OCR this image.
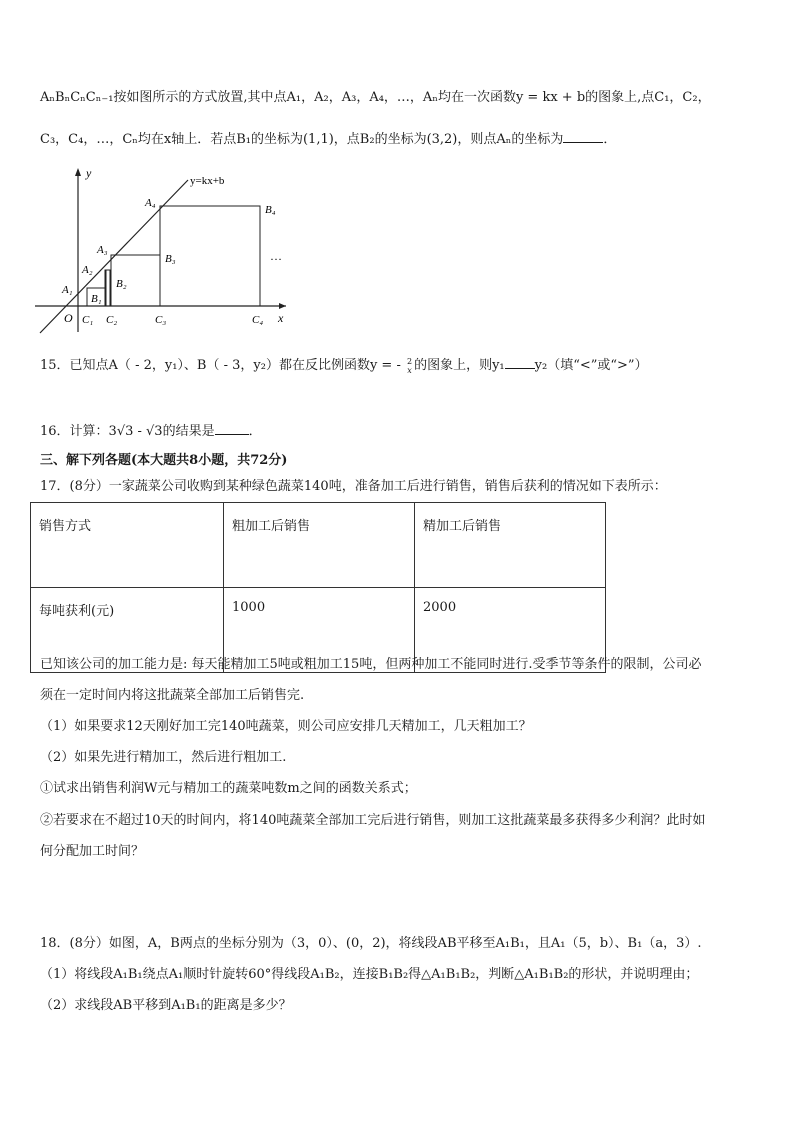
AₙBₙCₙCₙ₋₁按如图所示的方式放置,其中点A₁，A₂，A₃，A₄，…，Aₙ均在一次函数y = kx + b的图象上,点C₁，C₂，
C₃，C₄，…，Cₙ均在x轴上．若点B₁的坐标为(1,1)，点B₂的坐标为(3,2)，则点Aₙ的坐标为	．
y
x
y=kx+b
O
A₁
A₂
A₃
A₄
B₁
B₂
B₃
B₄
C₁ C₂	C₃	C₄
…
15．已知点A（ - 2，y₁）、B（ - 3，y₂）都在反比例函数y = - 2
x 的图象上，则y₁ y₂（填“<”或“>”）
16．计算：3√3 - √3的结果是	．
三、解下列各题(本大题共8小题，共72分)
17．(8分）一家蔬菜公司收购到某种绿色蔬菜140吨，准备加工后进行销售，销售后获利的情况如下表所示：
销售方式	粗加工后销售	精加工后销售
每吨获利(元)	1000	2000
已知该公司的加工能力是: 每天能精加工5吨或粗加工15吨，但两种加工不能同时进行.受季节等条件的限制，公司必
须在一定时间内将这批蔬菜全部加工后销售完.
（1）如果要求12天刚好加工完140吨蔬菜，则公司应安排几天精加工，几天粗加工？
（2）如果先进行精加工，然后进行粗加工.
①试求出销售利润W元与精加工的蔬菜吨数m之间的函数关系式；
②若要求在不超过10天的时间内，将140吨蔬菜全部加工完后进行销售，则加工这批蔬菜最多获得多少利润？此时如
何分配加工时间？
18．(8分）如图，A，B两点的坐标分别为（3，0）、(0，2)，将线段AB平移至A₁B₁，且A₁（5，b）、B₁（a，3）.
（1）将线段A₁B₁绕点A₁顺时针旋转60°得线段A₁B₂，连接B₁B₂得△A₁B₁B₂，判断△A₁B₁B₂的形状，并说明理由；
（2）求线段AB平移到A₁B₁的距离是多少？
